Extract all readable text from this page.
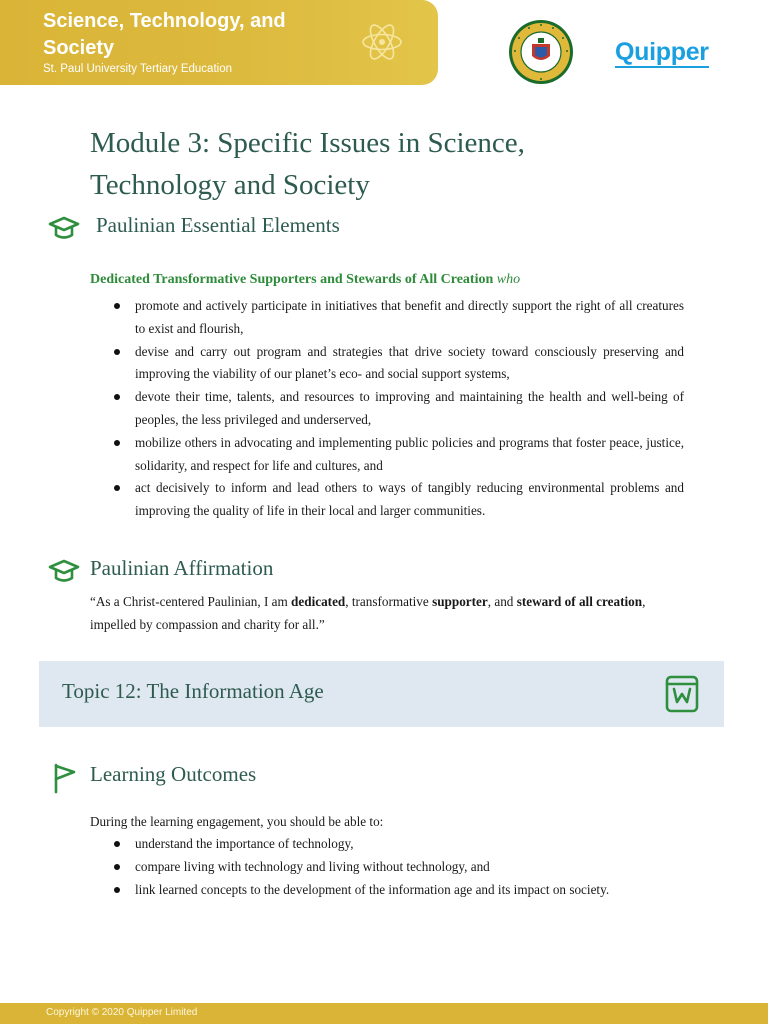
Science, Technology, and Society
St. Paul University Tertiary Education
Quipper
Module 3: Specific Issues in Science, Technology and Society
Paulinian Essential Elements
Dedicated Transformative Supporters and Stewards of All Creation who
promote and actively participate in initiatives that benefit and directly support the right of all creatures to exist and flourish,
devise and carry out program and strategies that drive society toward consciously preserving and improving the viability of our planet’s eco- and social support systems,
devote their time, talents, and resources to improving and maintaining the health and well-being of peoples, the less privileged and underserved,
mobilize others in advocating and implementing public policies and programs that foster peace, justice, solidarity, and respect for life and cultures, and
act decisively to inform and lead others to ways of tangibly reducing environmental problems and improving the quality of life in their local and larger communities.
Paulinian Affirmation
“As a Christ-centered Paulinian, I am dedicated, transformative supporter, and steward of all creation, impelled by compassion and charity for all.”
Topic 12: The Information Age
Learning Outcomes
During the learning engagement, you should be able to:
understand the importance of technology,
compare living with technology and living without technology, and
link learned concepts to the development of the information age and its impact on society.
Copyright © 2020 Quipper Limited
